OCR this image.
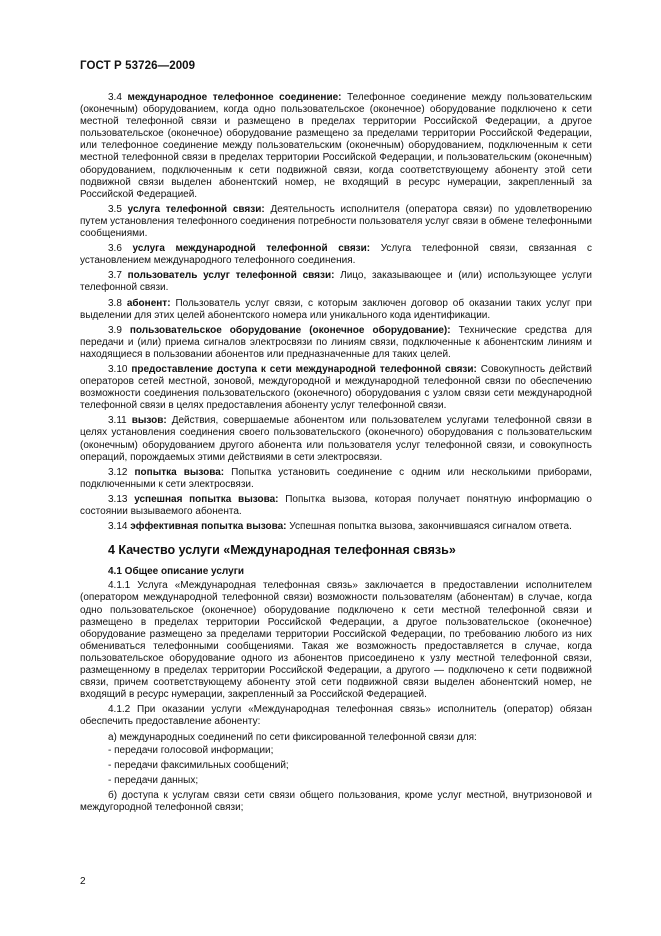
ГОСТ Р 53726—2009

3.4 международное телефонное соединение: Телефонное соединение между пользовательским (оконечным) оборудованием, когда одно пользовательское (оконечное) оборудование подключено к сети местной телефонной связи и размещено в пределах территории Российской Федерации, а другое пользовательское (оконечное) оборудование размещено за пределами территории Российской Федерации, или телефонное соединение между пользовательским (оконечным) оборудованием, подключенным к сети местной телефонной связи в пределах территории Российской Федерации, и пользовательским (оконечным) оборудованием, подключенным к сети подвижной связи, когда соответствующему абоненту этой сети подвижной связи выделен абонентский номер, не входящий в ресурс нумерации, закрепленный за Российской Федерацией.

3.5 услуга телефонной связи: Деятельность исполнителя (оператора связи) по удовлетворению путем установления телефонного соединения потребности пользователя услуг связи в обмене телефонными сообщениями.

3.6 услуга международной телефонной связи: Услуга телефонной связи, связанная с установлением международного телефонного соединения.

3.7 пользователь услуг телефонной связи: Лицо, заказывающее и (или) использующее услуги телефонной связи.

3.8 абонент: Пользователь услуг связи, с которым заключен договор об оказании таких услуг при выделении для этих целей абонентского номера или уникального кода идентификации.

3.9 пользовательское оборудование (оконечное оборудование): Технические средства для передачи и (или) приема сигналов электросвязи по линиям связи, подключенные к абонентским линиям и находящиеся в пользовании абонентов или предназначенные для таких целей.

3.10 предоставление доступа к сети международной телефонной связи: Совокупность действий операторов сетей местной, зоновой, междугородной и международной телефонной связи по обеспечению возможности соединения пользовательского (оконечного) оборудования с узлом связи сети международной телефонной связи в целях предоставления абоненту услуг телефонной связи.

3.11 вызов: Действия, совершаемые абонентом или пользователем услугами телефонной связи в целях установления соединения своего пользовательского (оконечного) оборудования с пользовательским (оконечным) оборудованием другого абонента или пользователя услуг телефонной связи, и совокупность операций, порождаемых этими действиями в сети электросвязи.

3.12 попытка вызова: Попытка установить соединение с одним или несколькими приборами, подключенными к сети электросвязи.

3.13 успешная попытка вызова: Попытка вызова, которая получает понятную информацию о состоянии вызываемого абонента.

3.14 эффективная попытка вызова: Успешная попытка вызова, закончившаяся сигналом ответа.

4 Качество услуги «Международная телефонная связь»

4.1 Общее описание услуги

4.1.1 Услуга «Международная телефонная связь» заключается в предоставлении исполнителем (оператором международной телефонной связи) возможности пользователям (абонентам) в случае, когда одно пользовательское (оконечное) оборудование подключено к сети местной телефонной связи и размещено в пределах территории Российской Федерации, а другое пользовательское (оконечное) оборудование размещено за пределами территории Российской Федерации, по требованию любого из них обмениваться телефонными сообщениями. Такая же возможность предоставляется в случае, когда пользовательское оборудование одного из абонентов присоединено к узлу местной телефонной связи, размещенному в пределах территории Российской Федерации, а другого — подключено к сети подвижной связи, причем соответствующему абоненту этой сети подвижной связи выделен абонентский номер, не входящий в ресурс нумерации, закрепленный за Российской Федерацией.

4.1.2 При оказании услуги «Международная телефонная связь» исполнитель (оператор) обязан обеспечить предоставление абоненту:

а) международных соединений по сети фиксированной телефонной связи для:

- передачи голосовой информации;

- передачи факсимильных сообщений;

- передачи данных;

б) доступа к услугам связи сети связи общего пользования, кроме услуг местной, внутризоновой и междугородной телефонной связи;

2
